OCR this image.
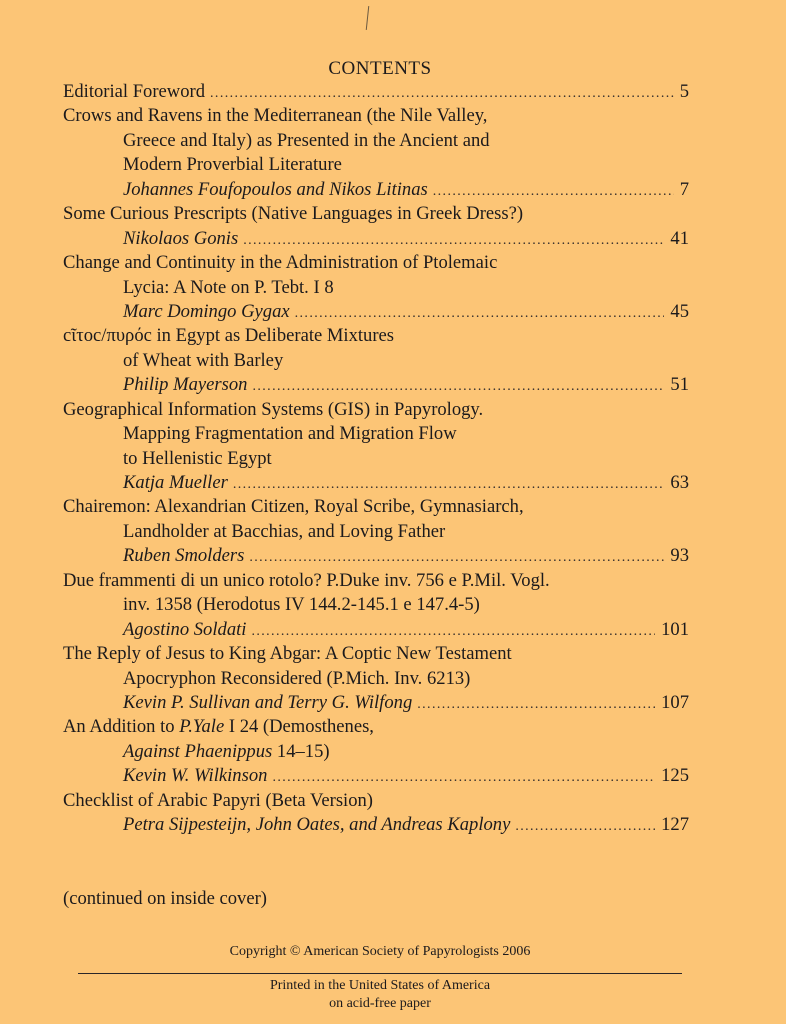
CONTENTS
Editorial Foreword .....	5
Crows and Ravens in the Mediterranean (the Nile Valley,
Greece and Italy) as Presented in the Ancient and
Modern Proverbial Literature
Johannes Foufopoulos and Nikos Litinas .....	7
Some Curious Prescripts (Native Languages in Greek Dress?)
Nikolaos Gonis .....	41
Change and Continuity in the Administration of Ptolemaic
Lycia: A Note on P. Tebt. I 8
Marc Domingo Gygax .....	45
cῖτοc/πυρόc in Egypt as Deliberate Mixtures
of Wheat with Barley
Philip Mayerson .....	51
Geographical Information Systems (GIS) in Papyrology.
Mapping Fragmentation and Migration Flow
to Hellenistic Egypt
Katja Mueller .....	63
Chairemon: Alexandrian Citizen, Royal Scribe, Gymnasiarch,
Landholder at Bacchias, and Loving Father
Ruben Smolders .....	93
Due frammenti di un unico rotolo? P.Duke inv. 756 e P.Mil. Vogl.
inv. 1358 (Herodotus IV 144.2-145.1 e 147.4-5)
Agostino Soldati .....	101
The Reply of Jesus to King Abgar: A Coptic New Testament
Apocryphon Reconsidered (P.Mich. Inv. 6213)
Kevin P. Sullivan and Terry G. Wilfong .....	107
An Addition to P.Yale I 24 (Demosthenes,
Against Phaenippus 14–15)
Kevin W. Wilkinson .....	125
Checklist of Arabic Papyri (Beta Version)
Petra Sijpesteijn, John Oates, and Andreas Kaplony .....	127
(continued on inside cover)
Copyright © American Society of Papyrologists 2006
Printed in the United States of America
on acid-free paper
